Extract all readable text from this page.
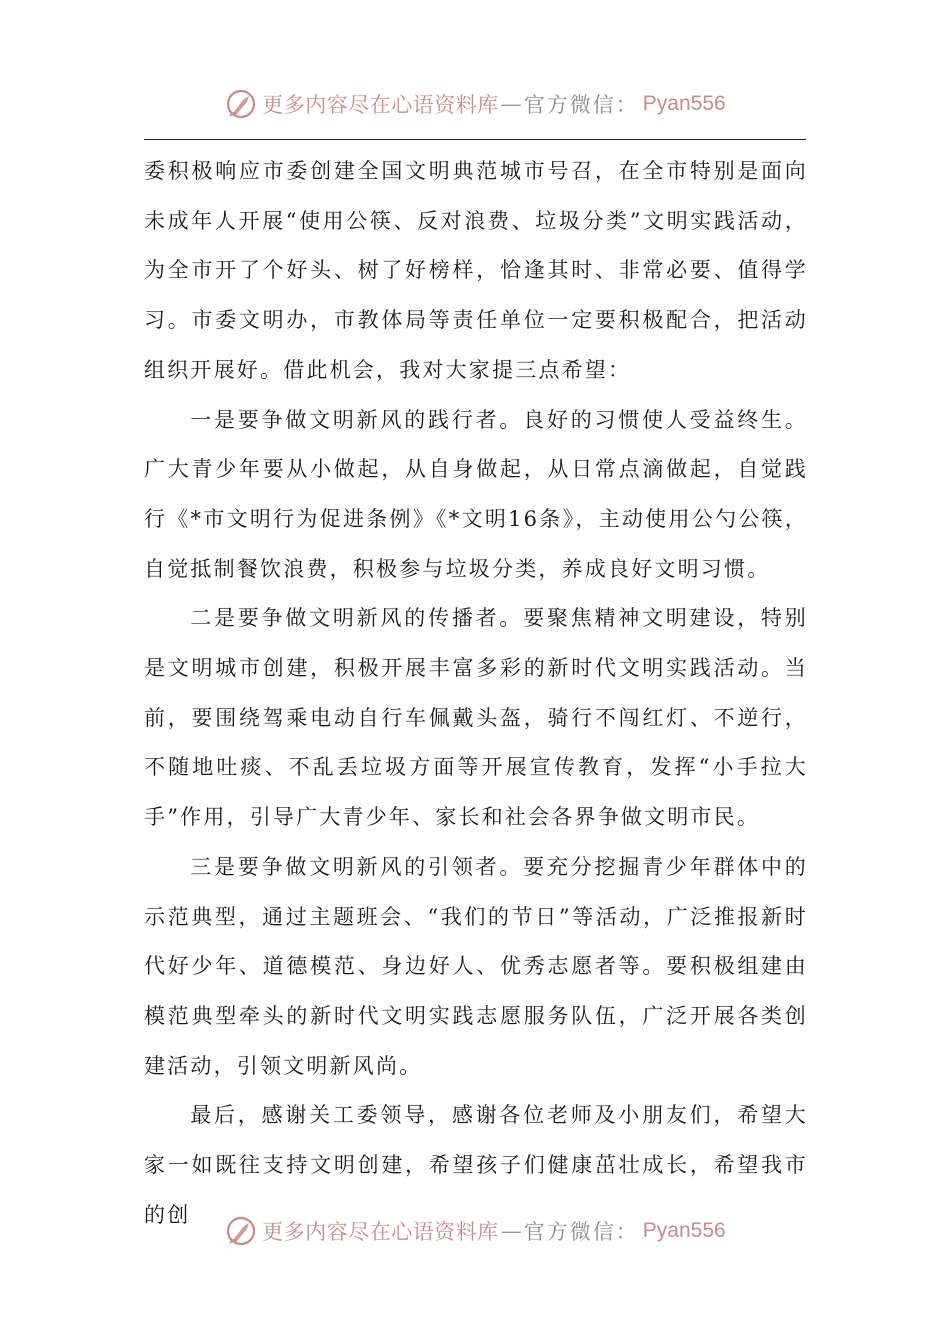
更多内容尽在心语资料库 — 官方微信： Pyan556

委积极响应市委创建全国文明典范城市号召，在全市特别是面向未成年人开展“使用公筷、反对浪费、垃圾分类”文明实践活动，为全市开了个好头、树了好榜样，恰逢其时、非常必要、值得学习。市委文明办，市教体局等责任单位一定要积极配合，把活动组织开展好。借此机会，我对大家提三点希望：

一是要争做文明新风的践行者。良好的习惯使人受益终生。广大青少年要从小做起，从自身做起，从日常点滴做起，自觉践行《*市文明行为促进条例》《*文明16条》，主动使用公勺公筷，自觉抵制餐饮浪费，积极参与垃圾分类，养成良好文明习惯。

二是要争做文明新风的传播者。要聚焦精神文明建设，特别是文明城市创建，积极开展丰富多彩的新时代文明实践活动。当前，要围绕驾乘电动自行车佩戴头盔，骑行不闯红灯、不逆行，不随地吐痰、不乱丢垃圾方面等开展宣传教育，发挥“小手拉大手”作用，引导广大青少年、家长和社会各界争做文明市民。

三是要争做文明新风的引领者。要充分挖掘青少年群体中的示范典型，通过主题班会、“我们的节日”等活动，广泛推报新时代好少年、道德模范、身边好人、优秀志愿者等。要积极组建由模范典型牵头的新时代文明实践志愿服务队伍，广泛开展各类创建活动，引领文明新风尚。

最后，感谢关工委领导，感谢各位老师及小朋友们，希望大家一如既往支持文明创建，希望孩子们健康茁壮成长，希望我市的创

更多内容尽在心语资料库 — 官方微信： Pyan556
